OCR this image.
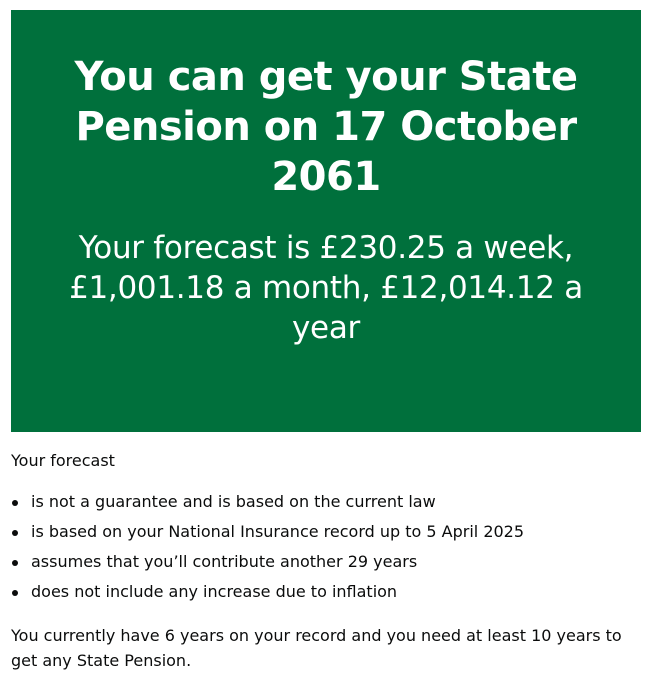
You can get your State Pension on 17 October 2061
Your forecast is £230.25 a week, £1,001.18 a month, £12,014.12 a year

Your forecast

is not a guarantee and is based on the current law
is based on your National Insurance record up to 5 April 2025
assumes that you’ll contribute another 29 years
does not include any increase due to inflation

You currently have 6 years on your record and you need at least 10 years to get any State Pension.
